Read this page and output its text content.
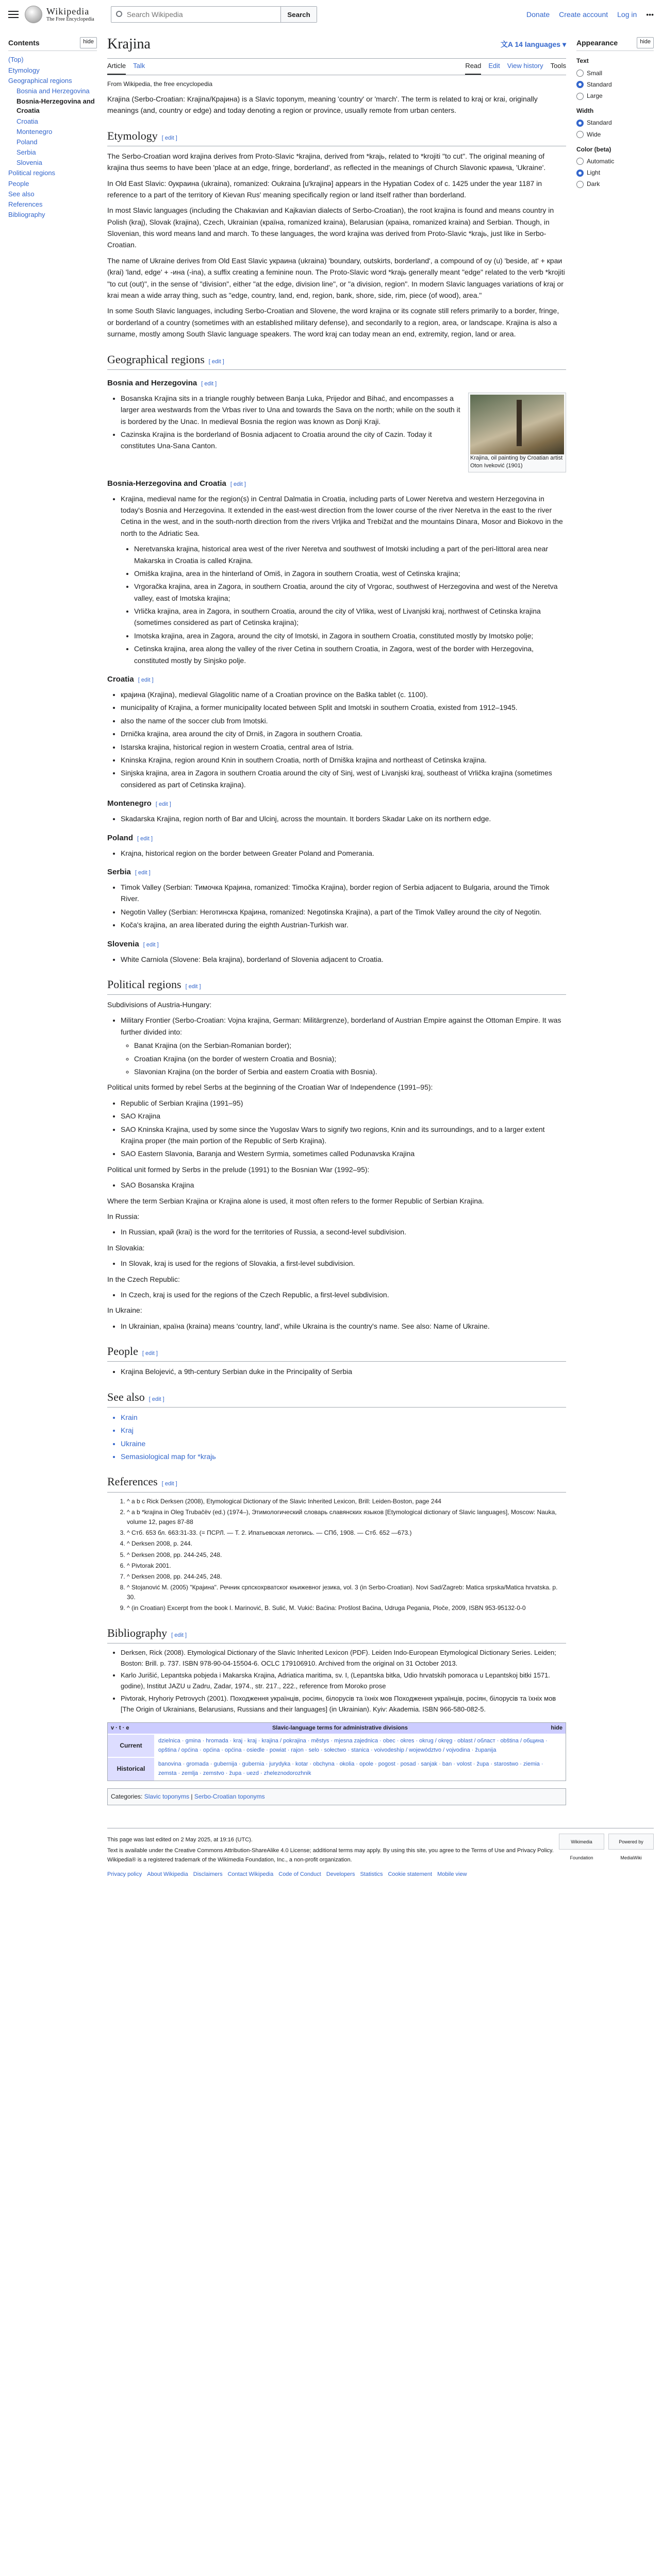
Wikipedia
The Free Encyclopedia
Search Wikipedia
Search	Donate Create account Log in •••
Contents	hide
(Top)
Etymology
Geographical regions
Bosnia and Herzegovina
Bosnia-Herzegovina and Croatia
Croatia
Montenegro
Poland
Serbia
Slovenia
Political regions
People
See also
References
Bibliography
Krajina	文A 14 languages ▾
Article Talk	Read Edit View history Tools
From Wikipedia, the free encyclopedia

Krajina (Serbo-Croatian: Krajina/Крајина) is a Slavic toponym, meaning 'country' or 'march'. The term is related to kraj or krai, originally meanings (and, country or edge) and today denoting a region or province, usually remote from urban centers.

Etymology [ edit ]

The Serbo-Croatian word krajina derives from Proto-Slavic *krajina, derived from *krajь, related to *krojiti "to cut". The original meaning of krajina thus seems to have been 'place at an edge, fringe, borderland', as reflected in the meanings of Church Slavonic краина, 'Ukraine'.

In Old East Slavic: Ѹкраина (ukraina), romanized: Oukraina [u'krajinə] appears in the Hypatian Codex of c. 1425 under the year 1187 in reference to a part of the territory of Kievan Rus' meaning specifically region or land itself rather than borderland.

In most Slavic languages (including the Chakavian and Kajkavian dialects of Serbo-Croatian), the root krajina is found and means country in Polish (kraj), Slovak (krajina), Czech, Ukrainian (країна, romanized kraina), Belarusian (краіна, romanized kraina) and Serbian. Though, in Slovenian, this word means land and march. To these languages, the word krajina was derived from Proto-Slavic *krajь, just like in Serbo-Croatian.

The name of Ukraine derives from Old East Slavic украина (ukraina) 'boundary, outskirts, borderland', a compound of oy (u) 'beside, at' + краи (krai) 'land, edge' + -ина (-ina), a suffix creating a feminine noun. The Proto-Slavic word *krajь generally meant "edge" related to the verb *krojiti "to cut (out)", in the sense of "division", either "at the edge, division line", or "a division, region". In modern Slavic languages variations of kraj or krai mean a wide array thing, such as "edge, country, land, end, region, bank, shore, side, rim, piece (of wood), area."

In some South Slavic languages, including Serbo-Croatian and Slovene, the word krajina or its cognate still refers primarily to a border, fringe, or borderland of a country (sometimes with an established military defense), and secondarily to a region, area, or landscape. Krajina is also a surname, mostly among South Slavic language speakers. The word kraj can today mean an end, extremity, region, land or area.

Geographical regions [ edit ]
Bosnia and Herzegovina [ edit ]
Krajina, oil painting by Croatian artist Oton Iveković (1901)
• Bosanska Krajina sits in a triangle roughly between Banja Luka, Prijedor and Bihać, and encompasses a larger area westwards from the Vrbas river to Una and towards the Sava on the north; while on the south it is bordered by the Unac. In medieval Bosnia the region was known as Donji Kraji.
• Cazinska Krajina is the borderland of Bosnia adjacent to Croatia around the city of Cazin. Today it constitutes Una-Sana Canton.
Bosnia-Herzegovina and Croatia [ edit ]
• Krajina, medieval name for the region(s) in Central Dalmatia in Croatia, including parts of Lower Neretva and western Herzegovina in today's Bosnia and Herzegovina. It extended in the east-west direction from the lower course of the river Neretva in the east to the river Cetina in the west, and in the south-north direction from the rivers Vrljika and Trebižat and the mountains Dinara, Mosor and Biokovo in the north to the Adriatic Sea.
• Neretvanska krajina, historical area west of the river Neretva and southwest of Imotski including a part of the peri-littoral area near Makarska in Croatia is called Krajina.
• Omiška krajina, area in the hinterland of Omiš, in Zagora in southern Croatia, west of Cetinska krajina;
• Vrgoračka krajina, area in Zagora, in southern Croatia, around the city of Vrgorac, southwest of Herzegovina and west of the Neretva valley, east of Imotska krajina;
• Vrlička krajina, area in Zagora, in southern Croatia, around the city of Vrlika, west of Livanjski kraj, northwest of Cetinska krajina (sometimes considered as part of Cetinska krajina);
• Imotska krajina, area in Zagora, around the city of Imotski, in Zagora in southern Croatia, constituted mostly by Imotsko polje;
• Cetinska krajina, area along the valley of the river Cetina in southern Croatia, in Zagora, west of the border with Herzegovina, constituted mostly by Sinjsko polje.
Croatia [ edit ]
• крајина (Krajina), medieval Glagolitic name of a Croatian province on the Baška tablet (c. 1100).
• municipality of Krajina, a former municipality located between Split and Imotski in southern Croatia, existed from 1912–1945.
• also the name of the soccer club from Imotski.
• Drnička krajina, area around the city of Drniš, in Zagora in southern Croatia.
• Istarska krajina, historical region in western Croatia, central area of Istria.
• Kninska Krajina, region around Knin in southern Croatia, north of Drniška krajina and northeast of Cetinska krajina.
• Sinjska krajina, area in Zagora in southern Croatia around the city of Sinj, west of Livanjski kraj, southeast of Vrlička krajina (sometimes considered as part of Cetinska krajina).
Montenegro [ edit ]
• Skadarska Krajina, region north of Bar and Ulcinj, across the mountain. It borders Skadar Lake on its northern edge.
Poland [ edit ]
• Krajna, historical region on the border between Greater Poland and Pomerania.
Serbia [ edit ]
• Timok Valley (Serbian: Тимочка Крајина, romanized: Timočka Krajina), border region of Serbia adjacent to Bulgaria, around the Timok River.
• Negotin Valley (Serbian: Неготинска Крајина, romanized: Negotinska Krajina), a part of the Timok Valley around the city of Negotin.
• Koča's krajina, an area liberated during the eighth Austrian-Turkish war.
Slovenia [ edit ]
• White Carniola (Slovene: Bela krajina), borderland of Slovenia adjacent to Croatia.
Political regions [ edit ]

Subdivisions of Austria-Hungary:

• Military Frontier (Serbo-Croatian: Vojna krajina, German: Militärgrenze), borderland of Austrian Empire against the Ottoman Empire. It was further divided into:
◦ Banat Krajina (on the Serbian-Romanian border);
◦ Croatian Krajina (on the border of western Croatia and Bosnia);
◦ Slavonian Krajina (on the border of Serbia and eastern Croatia with Bosnia).

Political units formed by rebel Serbs at the beginning of the Croatian War of Independence (1991–95):

• Republic of Serbian Krajina (1991–95)
• SAO Krajina
• SAO Kninska Krajina, used by some since the Yugoslav Wars to signify two regions, Knin and its surroundings, and to a larger extent Krajina proper (the main portion of the Republic of Serb Krajina).
• SAO Eastern Slavonia, Baranja and Western Syrmia, sometimes called Podunavska Krajina

Political unit formed by Serbs in the prelude (1991) to the Bosnian War (1992–95):

• SAO Bosanska Krajina

Where the term Serbian Krajina or Krajina alone is used, it most often refers to the former Republic of Serbian Krajina.

In Russia:

• In Russian, край (krai) is the word for the territories of Russia, a second-level subdivision.

In Slovakia:

• In Slovak, kraj is used for the regions of Slovakia, a first-level subdivision.

In the Czech Republic:

• In Czech, kraj is used for the regions of the Czech Republic, a first-level subdivision.

In Ukraine:

• In Ukrainian, країна (kraina) means 'country, land', while Ukraina is the country's name. See also: Name of Ukraine.
People [ edit ]
• Krajina Belojević, a 9th-century Serbian duke in the Principality of Serbia
See also [ edit ]
• Krain
• Kraj
• Ukraine
• Semasiological map for *krajь
References [ edit ]
1. ^ a b c Rick Derksen (2008), Etymological Dictionary of the Slavic Inherited Lexicon, Brill: Leiden-Boston, page 244
2. ^ a b *krajina in Oleg Trubačёv (ed.) (1974–), Этимологический словарь славянских языков [Etymological dictionary of Slavic languages], Moscow: Nauka, volume 12, pages 87-88
3. ^ Стб. 653 бл. 663:31-33. (= ПСРЛ. — Т. 2. Ипатьевская летопись. — СПб, 1908. — Стб. 652 —673.)
4. ^ Derksen 2008, p. 244.
5. ^ Derksen 2008, pp. 244-245, 248.
6. ^ Pivtorak 2001.
7. ^ Derksen 2008, pp. 244-245, 248.
8. ^ Stojanović M. (2005) "Крајина". Речник српскохрватског књижевног језика, vol. 3 (in Serbo-Croatian). Novi Sad/Zagreb: Matica srpska/Matica hrvatska. p. 30.
9. ^ (in Croatian) Excerpt from the book I. Marinović, B. Sulić, M. Vukić: Baćina: Prošlost Baćina, Udruga Pegania, Ploče, 2009, ISBN 953-95132-0-0
Bibliography [ edit ]
• Derksen, Rick (2008). Etymological Dictionary of the Slavic Inherited Lexicon (PDF). Leiden Indo-European Etymological Dictionary Series. Leiden; Boston: Brill. p. 737. ISBN 978-90-04-15504-6. OCLC 179106910. Archived from the original on 31 October 2013.
• Karlo Jurišić, Lepantska pobjeda i Makarska Krajina, Adriatica maritima, sv. I, (Lepantska bitka, Udio hrvatskih pomoraca u Lepantskoj bitki 1571. godine), Institut JAZU u Zadru, Zadar, 1974., str. 217., 222., reference from Moroko prose
• Pivtorak, Hryhoriy Petrovych (2001). Походження українців, росіян, білорусів та їхніх мов Походження українців, росіян, білорусів та їхніх мов [The Origin of Ukrainians, Belarusians, Russians and their languages] (in Ukrainian). Kyiv: Akademia. ISBN 966-580-082-5.
v · t · e	Slavic-language terms for administrative divisions	hide
Current	dzielnica · gmina · hromada · kraj · kraj · krajina / pokrajina · městys · mjesna zajednica · obec · okres · okrug / okręg · oblast / област · obština / община · opština / općina · općina · općina · osiedle · powiat · rajon · selo · sołectwo · stanica · voivodeship / województvo / vojvodina · županija
Historical	banovina · gromada · gubernija · gubernia · jurydyka · kotar · obchyna · okolia · opole · pogost · posad · sanjak · ban · volost · župa · starostwo · ziemia · zemsta · zemlja · zemstvo · župa · uezd · zheleznodorozhnik
Categories: Slavic toponyms | Serbo-Croatian toponyms
Appearance	hide
Text
Small
Standard
Large
Width
Standard
Wide
Color (beta)
Automatic
Light
Dark
Wikimedia Foundation
Powered by MediaWiki

This page was last edited on 2 May 2025, at 19:16 (UTC).

Text is available under the Creative Commons Attribution-ShareAlike 4.0 License; additional terms may apply. By using this site, you agree to the Terms of Use and Privacy Policy. Wikipedia® is a registered trademark of the Wikimedia Foundation, Inc., a non-profit organization.

Privacy policy About Wikipedia Disclaimers Contact Wikipedia Code of Conduct Developers Statistics Cookie statement Mobile view
